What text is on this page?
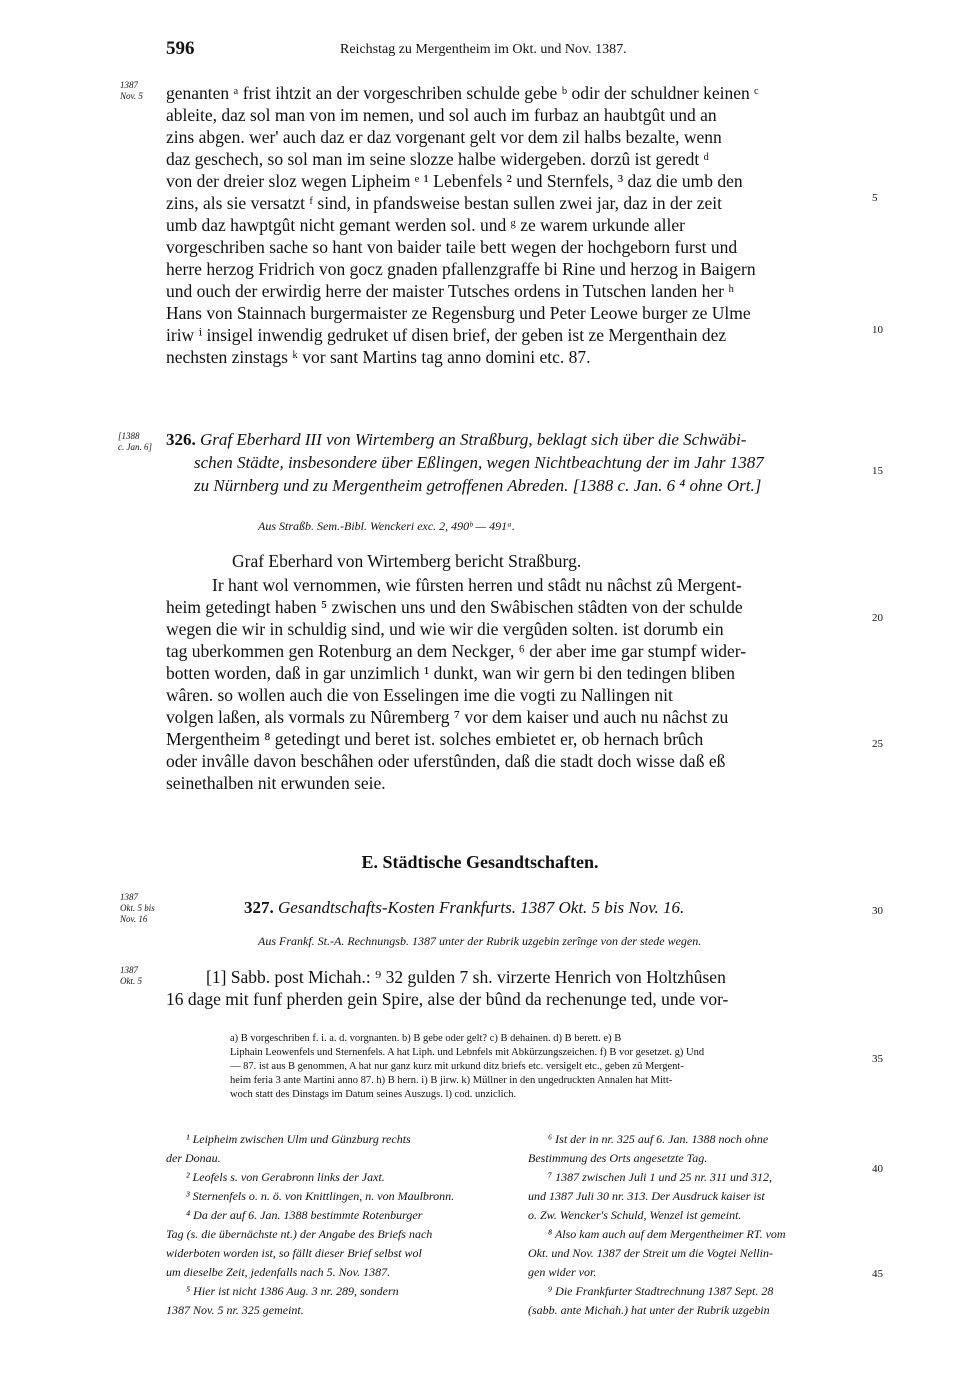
596	Reichstag zu Mergentheim im Okt. und Nov. 1387.
1387
Nov. 5
[1388
c. Jan. 6]
1387
Okt. 5 bis
Nov. 16
1387
Okt. 5
genanten ᵃ frist ihtzit an der vorgeschriben schulde gebe ᵇ odir der schuldner keinen ᶜ
ableite, daz sol man von im nemen, und sol auch im furbaz an haubtgût und an
zins abgen. wer' auch daz er daz vorgenant gelt vor dem zil halbs bezalte, wenn
daz geschech, so sol man im seine slozze halbe widergeben. dorzû ist geredt ᵈ
von der dreier sloz wegen Lipheim ᵉ ¹ Lebenfels ² und Sternfels, ³ daz die umb den
zins, als sie versatzt ᶠ sind, in pfandsweise bestan sullen zwei jar, daz in der zeit
umb daz hawptgût nicht gemant werden sol. und ᵍ ze warem urkunde aller
vorgeschriben sache so hant von baider taile bett wegen der hochgeborn furst und
herre herzog Fridrich von gocz gnaden pfallenzgraffe bi Rine und herzog in Baigern
und ouch der erwirdig herre der maister Tutsches ordens in Tutschen landen her ʰ
Hans von Stainnach burgermaister ze Regensburg und Peter Leowe burger ze Ulme
iriw ⁱ insigel inwendig gedruket uf disen brief, der geben ist ze Mergenthain dez
nechsten zinstags ᵏ vor sant Martins tag anno domini etc. 87.
5
10
15
20
25
30
35
40
45
326. Graf Eberhard III von Wirtemberg an Straßburg, beklagt sich über die Schwäbi-
schen Städte, insbesondere über Eßlingen, wegen Nichtbeachtung der im Jahr 1387
zu Nürnberg und zu Mergentheim getroffenen Abreden. [1388 c. Jan. 6 ⁴ ohne Ort.]
Aus Straßb. Sem.-Bibl. Wenckeri exc. 2, 490ᵇ — 491ᵃ.
Graf Eberhard von Wirtemberg bericht Straßburg.
Ir hant wol vernommen, wie fûrsten herren und stâdt nu nâchst zû Mergent-
heim getedingt haben ⁵ zwischen uns und den Swâbischen stâdten von der schulde
wegen die wir in schuldig sind, und wie wir die vergûden solten. ist dorumb ein
tag uberkommen gen Rotenburg an dem Neckger, ⁶ der aber ime gar stumpf wider-
botten worden, daß in gar unzimlich ¹ dunkt, wan wir gern bi den tedingen bliben
wâren. so wollen auch die von Esselingen ime die vogti zu Nallingen nit
volgen laßen, als vormals zu Nûremberg ⁷ vor dem kaiser und auch nu nâchst zu
Mergentheim ⁸ getedingt und beret ist. solches embietet er, ob hernach brûch
oder invâlle davon beschâhen oder uferstûnden, daß die stadt doch wisse daß eß
seinethalben nit erwunden seie.
E. Städtische Gesandtschaften.
327. Gesandtschafts-Kosten Frankfurts. 1387 Okt. 5 bis Nov. 16.
Aus Frankf. St.-A. Rechnungsb. 1387 unter der Rubrik uzgebin zerînge von der stede wegen.
[1] Sabb. post Michah.: ⁹ 32 gulden 7 sh. virzerte Henrich von Holtzhûsen
16 dage mit funf pherden gein Spire, alse der bûnd da rechenunge ted, unde vor-
a) B vorgeschriben f. i. a. d. vorgnanten. b) B gebe oder gelt? c) B dehainen. d) B berett. e) B
Liphain Leowenfels und Sternenfels. A hat Liph. und Lebnfels mit Abkürzungszeichen. f) B vor gesetzet. g) Und
— 87. ist aus B genommen, A hat nur ganz kurz mit urkund ditz briefs etc. versigelt etc., geben zû Mergent-
heim feria 3 ante Martini anno 87. h) B hern. i) B jirw. k) Müllner in den ungedruckten Annalen hat Mitt-
woch statt des Dinstags im Datum seines Auszugs. l) cod. unziclich.
¹ Leipheim zwischen Ulm und Günzburg rechts
der Donau.
² Leofels s. von Gerabronn links der Jaxt.
³ Sternenfels o. n. ö. von Knittlingen, n. von Maulbronn.
⁴ Da der auf 6. Jan. 1388 bestimmte Rotenburger
Tag (s. die übernächste nt.) der Angabe des Briefs nach
widerboten worden ist, so fällt dieser Brief selbst wol
um dieselbe Zeit, jedenfalls nach 5. Nov. 1387.
⁵ Hier ist nicht 1386 Aug. 3 nr. 289, sondern
1387 Nov. 5 nr. 325 gemeint.
⁶ Ist der in nr. 325 auf 6. Jan. 1388 noch ohne
Bestimmung des Orts angesetzte Tag.
⁷ 1387 zwischen Juli 1 und 25 nr. 311 und 312,
und 1387 Juli 30 nr. 313. Der Ausdruck kaiser ist
o. Zw. Wencker's Schuld, Wenzel ist gemeint.
⁸ Also kam auch auf dem Mergentheimer RT. vom
Okt. und Nov. 1387 der Streit um die Vogtei Nellin-
gen wider vor.
⁹ Die Frankfurter Stadtrechnung 1387 Sept. 28
(sabb. ante Michah.) hat unter der Rubrik uzgebin
